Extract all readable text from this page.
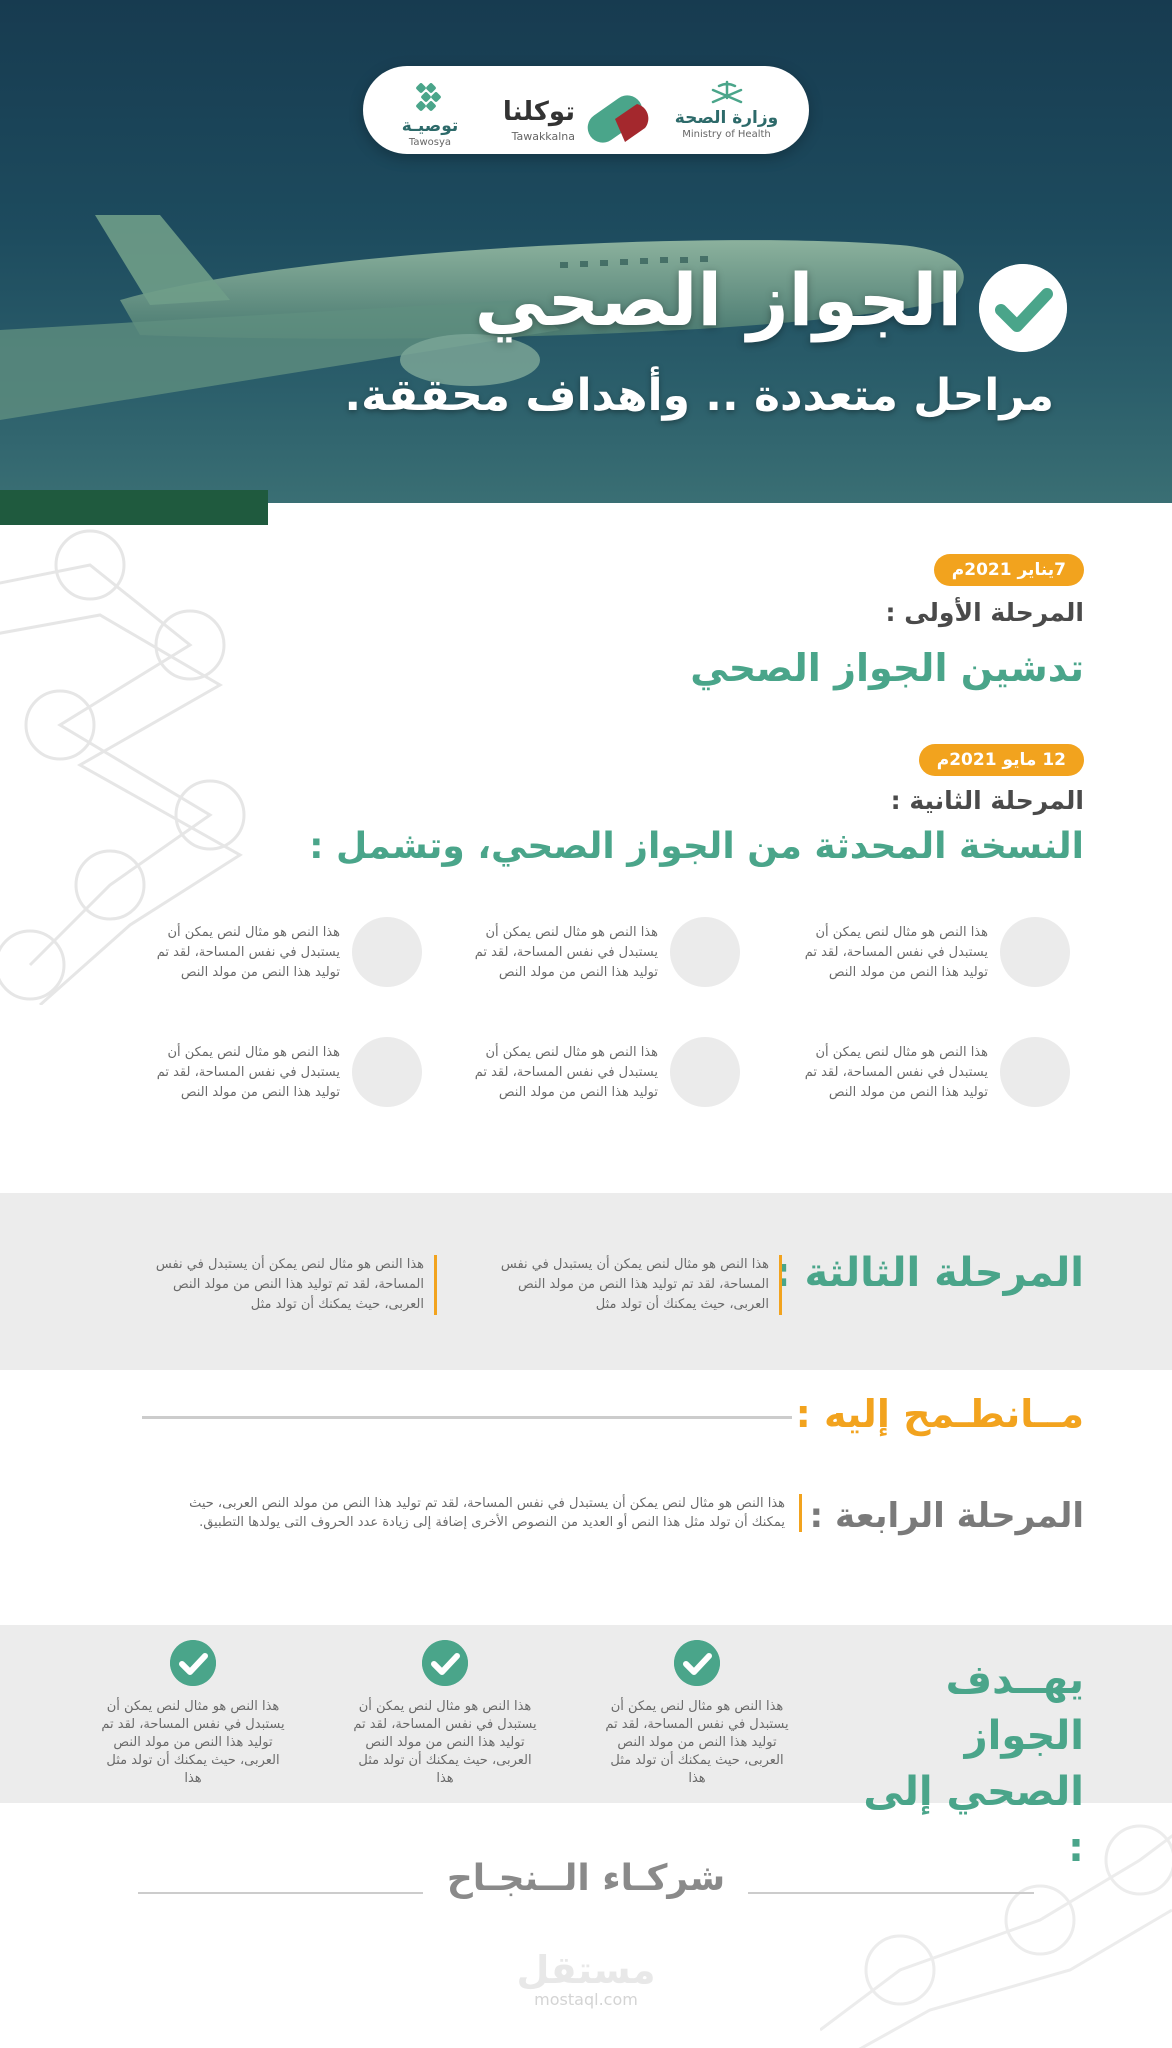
وزارة الصحة
Ministry of Health
توكلنا
Tawakkalna
توصيـة
Tawosya
الجواز الصحي
مراحل متعددة .. وأهداف محققة.
7يناير 2021م
المرحلة الأولى :
تدشين الجواز الصحي
12 مايو 2021م
المرحلة الثانية :
النسخة المحدثة من الجواز الصحي، وتشمل :
هذا النص هو مثال لنص يمكن أن يستبدل في نفس المساحة، لقد تم توليد هذا النص من مولد النص
هذا النص هو مثال لنص يمكن أن يستبدل في نفس المساحة، لقد تم توليد هذا النص من مولد النص
هذا النص هو مثال لنص يمكن أن يستبدل في نفس المساحة، لقد تم توليد هذا النص من مولد النص
هذا النص هو مثال لنص يمكن أن يستبدل في نفس المساحة، لقد تم توليد هذا النص من مولد النص
هذا النص هو مثال لنص يمكن أن يستبدل في نفس المساحة، لقد تم توليد هذا النص من مولد النص
هذا النص هو مثال لنص يمكن أن يستبدل في نفس المساحة، لقد تم توليد هذا النص من مولد النص
المرحلة الثالثة :
هذا النص هو مثال لنص يمكن أن يستبدل في نفس المساحة، لقد تم توليد هذا النص من مولد النص العربى، حيث يمكنك أن تولد مثل
هذا النص هو مثال لنص يمكن أن يستبدل في نفس المساحة، لقد تم توليد هذا النص من مولد النص العربى، حيث يمكنك أن تولد مثل
مــانطـمح إليه :
المرحلة الرابعة :
هذا النص هو مثال لنص يمكن أن يستبدل في نفس المساحة، لقد تم توليد هذا النص من مولد النص العربى، حيث يمكنك أن تولد مثل هذا النص أو العديد من النصوص الأخرى إضافة إلى زيادة عدد الحروف التى يولدها التطبيق.
يهــدف الجواز الصحي إلى :
هذا النص هو مثال لنص يمكن أن يستبدل في نفس المساحة، لقد تم توليد هذا النص من مولد النص العربى، حيث يمكنك أن تولد مثل هذا
هذا النص هو مثال لنص يمكن أن يستبدل في نفس المساحة، لقد تم توليد هذا النص من مولد النص العربى، حيث يمكنك أن تولد مثل هذا
هذا النص هو مثال لنص يمكن أن يستبدل في نفس المساحة، لقد تم توليد هذا النص من مولد النص العربى، حيث يمكنك أن تولد مثل هذا
شركـاء الــنجـاح
مستقل
mostaql.com
